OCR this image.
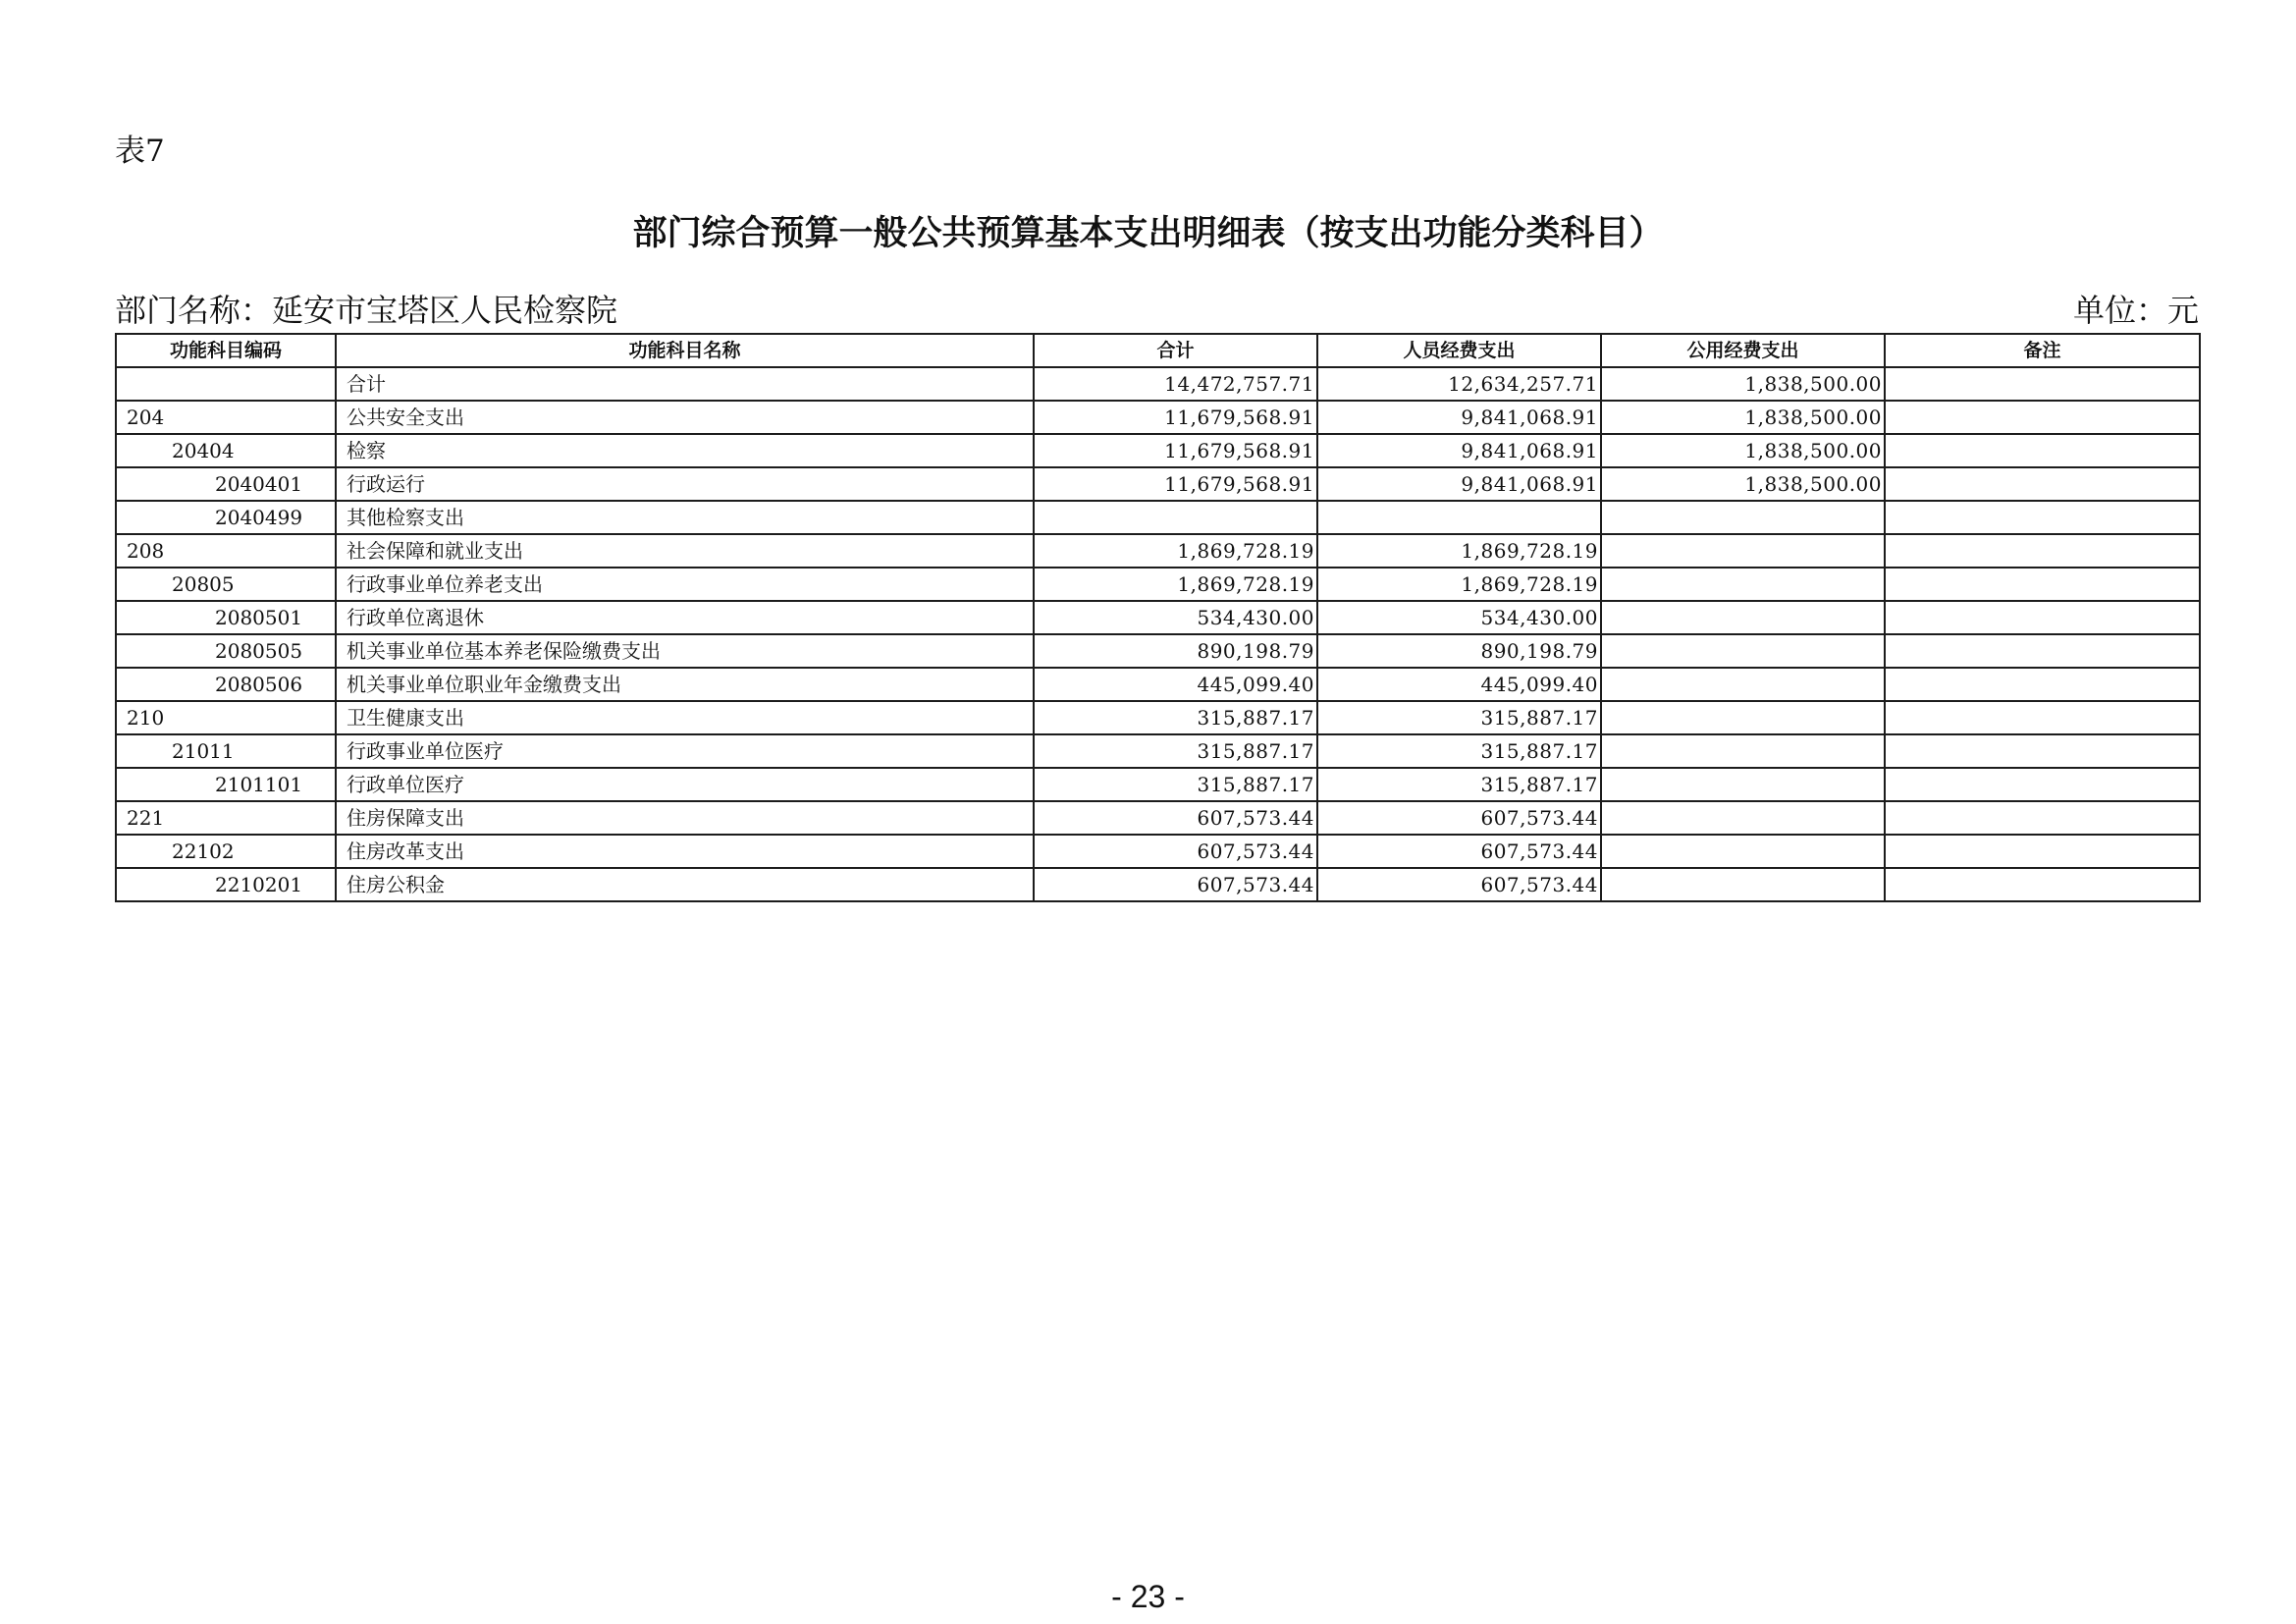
表7
部门综合预算一般公共预算基本支出明细表（按支出功能分类科目）
部门名称：延安市宝塔区人民检察院	单位：元
功能科目编码	功能科目名称	合计	人员经费支出	公用经费支出	备注
	合计	14,472,757.71	12,634,257.71	1,838,500.00	
204	公共安全支出	11,679,568.91	9,841,068.91	1,838,500.00	
20404	检察	11,679,568.91	9,841,068.91	1,838,500.00	
2040401	行政运行	11,679,568.91	9,841,068.91	1,838,500.00	
2040499	其他检察支出				
208	社会保障和就业支出	1,869,728.19	1,869,728.19		
20805	行政事业单位养老支出	1,869,728.19	1,869,728.19		
2080501	行政单位离退休	534,430.00	534,430.00		
2080505	机关事业单位基本养老保险缴费支出	890,198.79	890,198.79		
2080506	机关事业单位职业年金缴费支出	445,099.40	445,099.40		
210	卫生健康支出	315,887.17	315,887.17		
21011	行政事业单位医疗	315,887.17	315,887.17		
2101101	行政单位医疗	315,887.17	315,887.17		
221	住房保障支出	607,573.44	607,573.44		
22102	住房改革支出	607,573.44	607,573.44		
2210201	住房公积金	607,573.44	607,573.44		
- 23 -
